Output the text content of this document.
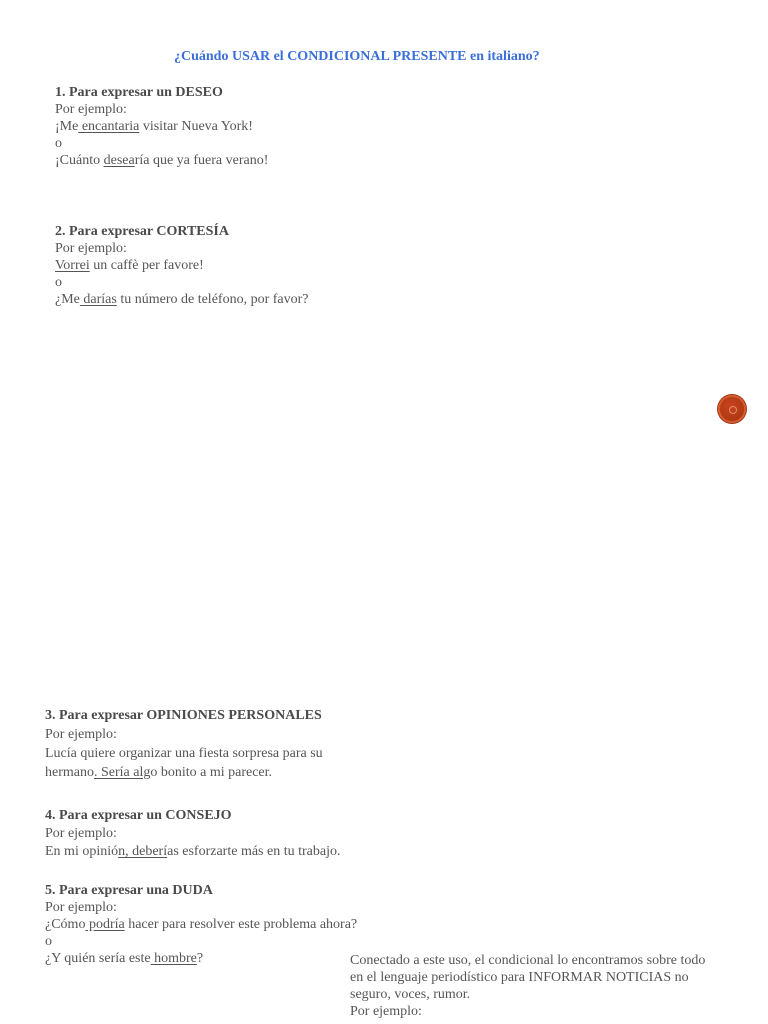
¿Cuándo USAR el CONDICIONAL PRESENTE en italiano?
1. Para expresar un DESEO
Por ejemplo:
¡Me encantaria visitar Nueva York!
o
¡Cuánto desearía que ya fuera verano!
2. Para expresar CORTESÍA
Por ejemplo:
Vorrei un caffè per favore!
o
¿Me darías tu número de teléfono, por favor?
3. Para expresar OPINIONES PERSONALES
Por ejemplo:
Lucía quiere organizar una fiesta sorpresa para su
hermano. Sería algo bonito a mi parecer.
4. Para expresar un CONSEJO
Por ejemplo:
En mi opinión, deberías esforzarte más en tu trabajo.
5. Para expresar una DUDA
Por ejemplo:
¿Cómo podría hacer para resolver este problema ahora?
o
¿Y quién sería este hombre?	Conectado a este uso, el condicional lo encontramos sobre todo
en el lenguaje periodístico para INFORMAR NOTICIAS no
seguro, voces, rumor.
Por ejemplo:
